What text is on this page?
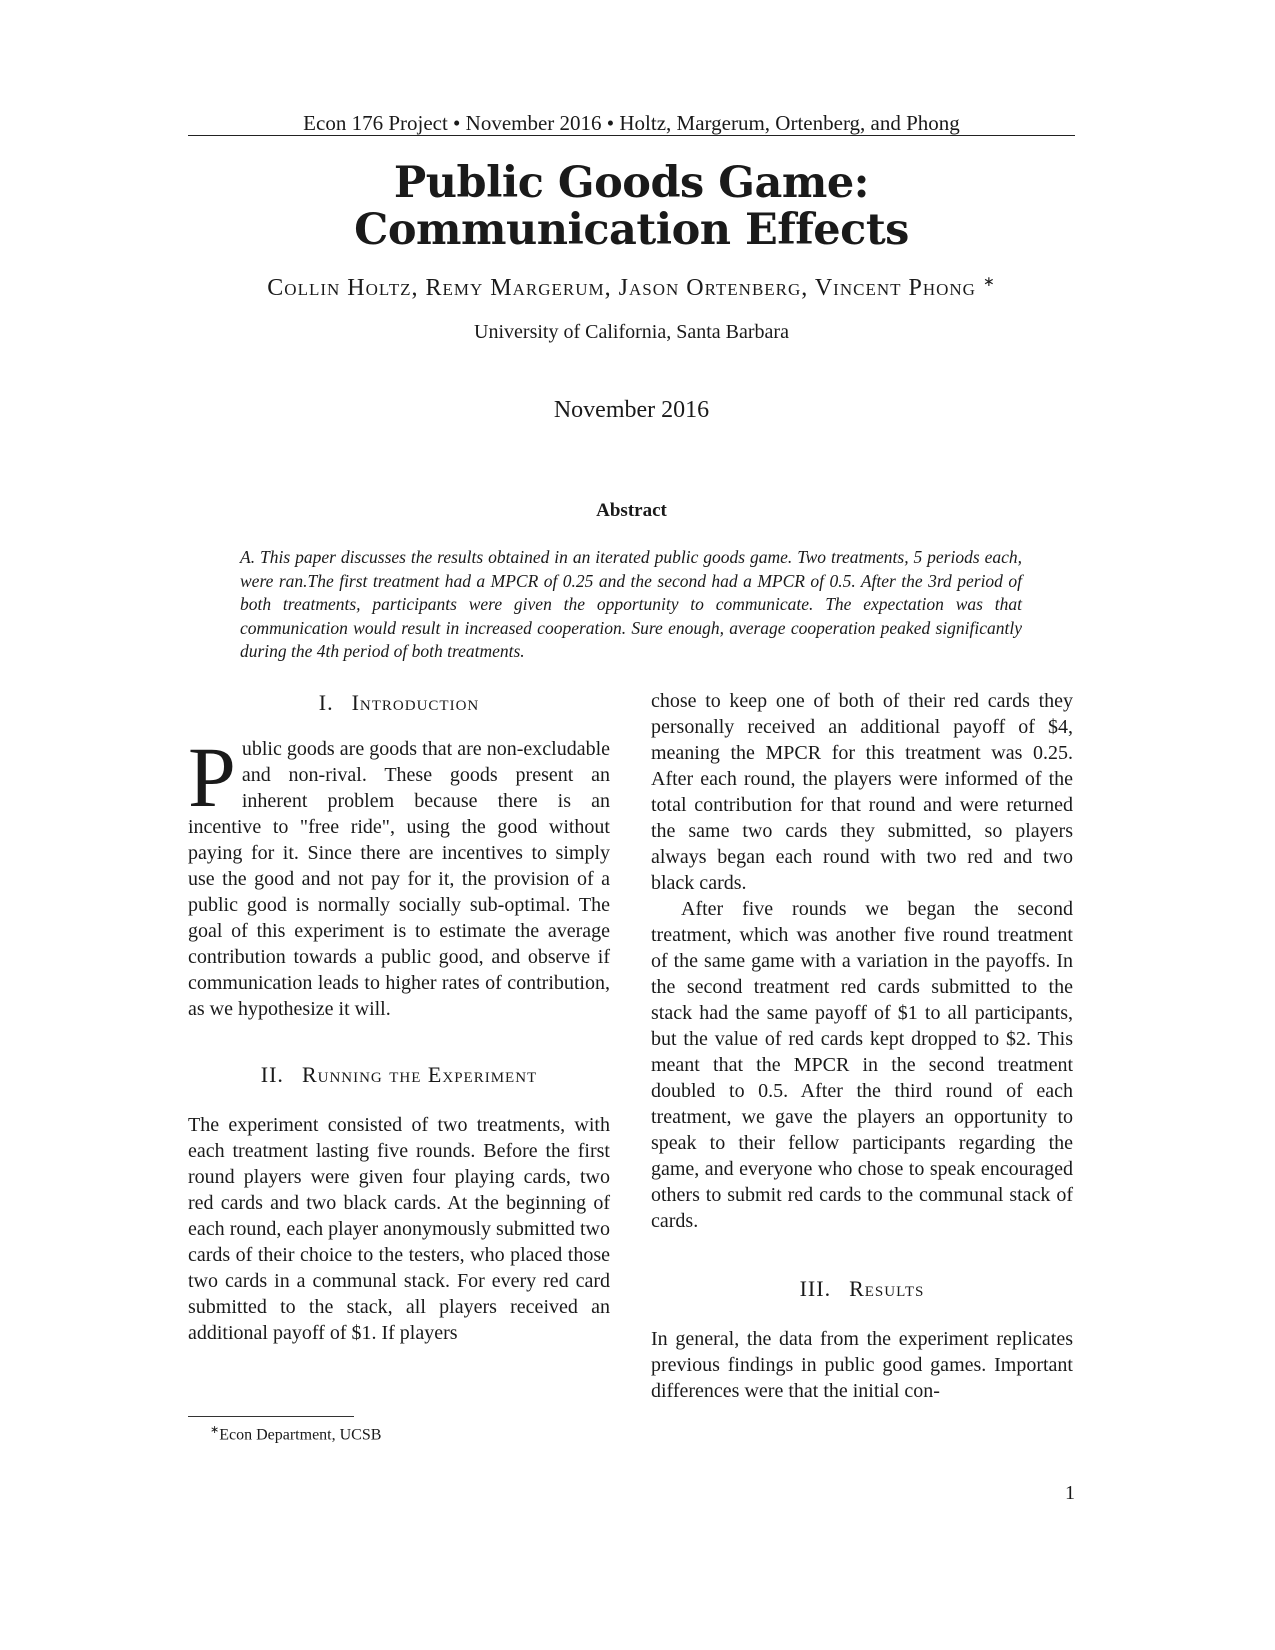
Econ 176 Project • November 2016 • Holtz, Margerum, Ortenberg, and Phong
Public Goods Game:
Communication Effects
Collin Holtz, Remy Margerum, Jason Ortenberg, Vincent Phong ∗
University of California, Santa Barbara
November 2016
Abstract
A. This paper discusses the results obtained in an iterated public goods game. Two treatments, 5 periods each, were ran.The first treatment had a MPCR of 0.25 and the second had a MPCR of 0.5. After the 3rd period of both treatments, participants were given the opportunity to communicate. The expectation was that communication would result in increased cooperation. Sure enough, average cooperation peaked significantly during the 4th period of both treatments.
I. Introduction

Public goods are goods that are non-excludable and non-rival. These goods present an inherent problem because there is an incentive to "free ride", using the good without paying for it. Since there are incentives to simply use the good and not pay for it, the provision of a public good is normally socially sub-optimal. The goal of this experiment is to estimate the average contribution towards a public good, and observe if communication leads to higher rates of contribution, as we hypothesize it will.

II. Running the Experiment

The experiment consisted of two treatments, with each treatment lasting five rounds. Before the first round players were given four playing cards, two red cards and two black cards. At the beginning of each round, each player anonymously submitted two cards of their choice to the testers, who placed those two cards in a communal stack. For every red card submitted to the stack, all players received an additional payoff of $1. If players

chose to keep one of both of their red cards they personally received an additional payoff of $4, meaning the MPCR for this treatment was 0.25. After each round, the players were informed of the total contribution for that round and were returned the same two cards they submitted, so players always began each round with two red and two black cards.

After five rounds we began the second treatment, which was another five round treatment of the same game with a variation in the payoffs. In the second treatment red cards submitted to the stack had the same payoff of $1 to all participants, but the value of red cards kept dropped to $2. This meant that the MPCR in the second treatment doubled to 0.5. After the third round of each treatment, we gave the players an opportunity to speak to their fellow participants regarding the game, and everyone who chose to speak encouraged others to submit red cards to the communal stack of cards.

III. Results

In general, the data from the experiment replicates previous findings in public good games. Important differences were that the initial con-

∗Econ Department, UCSB
1
